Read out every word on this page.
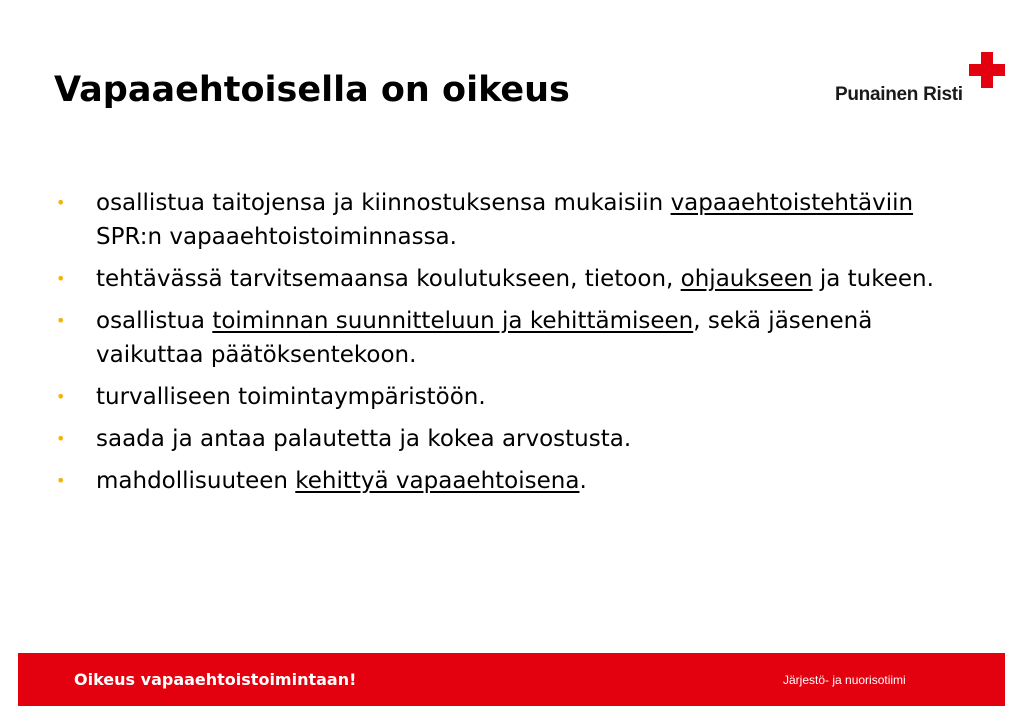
Vapaaehtoisella on oikeus	Punainen Risti
• osallistua taitojensa ja kiinnostuksensa mukaisiin vapaaehtoistehtäviin SPR:n vapaaehtoistoiminnassa.
• tehtävässä tarvitsemaansa koulutukseen, tietoon, ohjaukseen ja tukeen.
• osallistua toiminnan suunnitteluun ja kehittämiseen, sekä jäsenenä vaikuttaa päätöksentekoon.
• turvalliseen toimintaympäristöön.
• saada ja antaa palautetta ja kokea arvostusta.
• mahdollisuuteen kehittyä vapaaehtoisena.
Oikeus vapaaehtoistoimintaan!	Järjestö- ja nuorisotiimi
